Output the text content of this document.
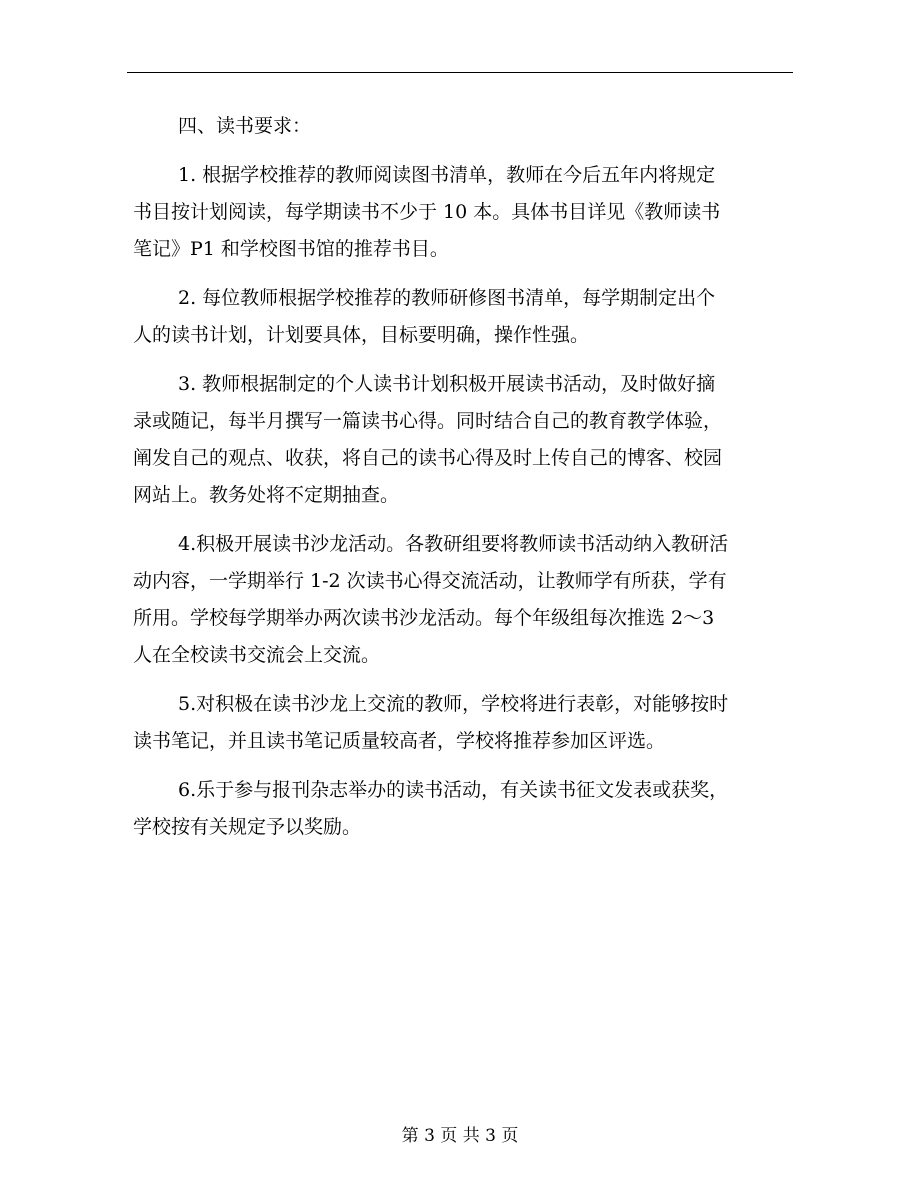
四、读书要求：
1. 根据学校推荐的教师阅读图书清单，教师在今后五年内将规定
书目按计划阅读，每学期读书不少于 10 本。具体书目详见《教师读书
笔记》P1 和学校图书馆的推荐书目。
2. 每位教师根据学校推荐的教师研修图书清单，每学期制定出个
人的读书计划，计划要具体，目标要明确，操作性强。
3. 教师根据制定的个人读书计划积极开展读书活动，及时做好摘
录或随记，每半月撰写一篇读书心得。同时结合自己的教育教学体验，
阐发自己的观点、收获，将自己的读书心得及时上传自己的博客、校园
网站上。教务处将不定期抽查。
4.积极开展读书沙龙活动。各教研组要将教师读书活动纳入教研活
动内容，一学期举行 1-2 次读书心得交流活动，让教师学有所获，学有
所用。学校每学期举办两次读书沙龙活动。每个年级组每次推选 2～3
人在全校读书交流会上交流。
5.对积极在读书沙龙上交流的教师，学校将进行表彰，对能够按时
读书笔记，并且读书笔记质量较高者，学校将推荐参加区评选。
6.乐于参与报刊杂志举办的读书活动，有关读书征文发表或获奖，
学校按有关规定予以奖励。
第 3 页 共 3 页
